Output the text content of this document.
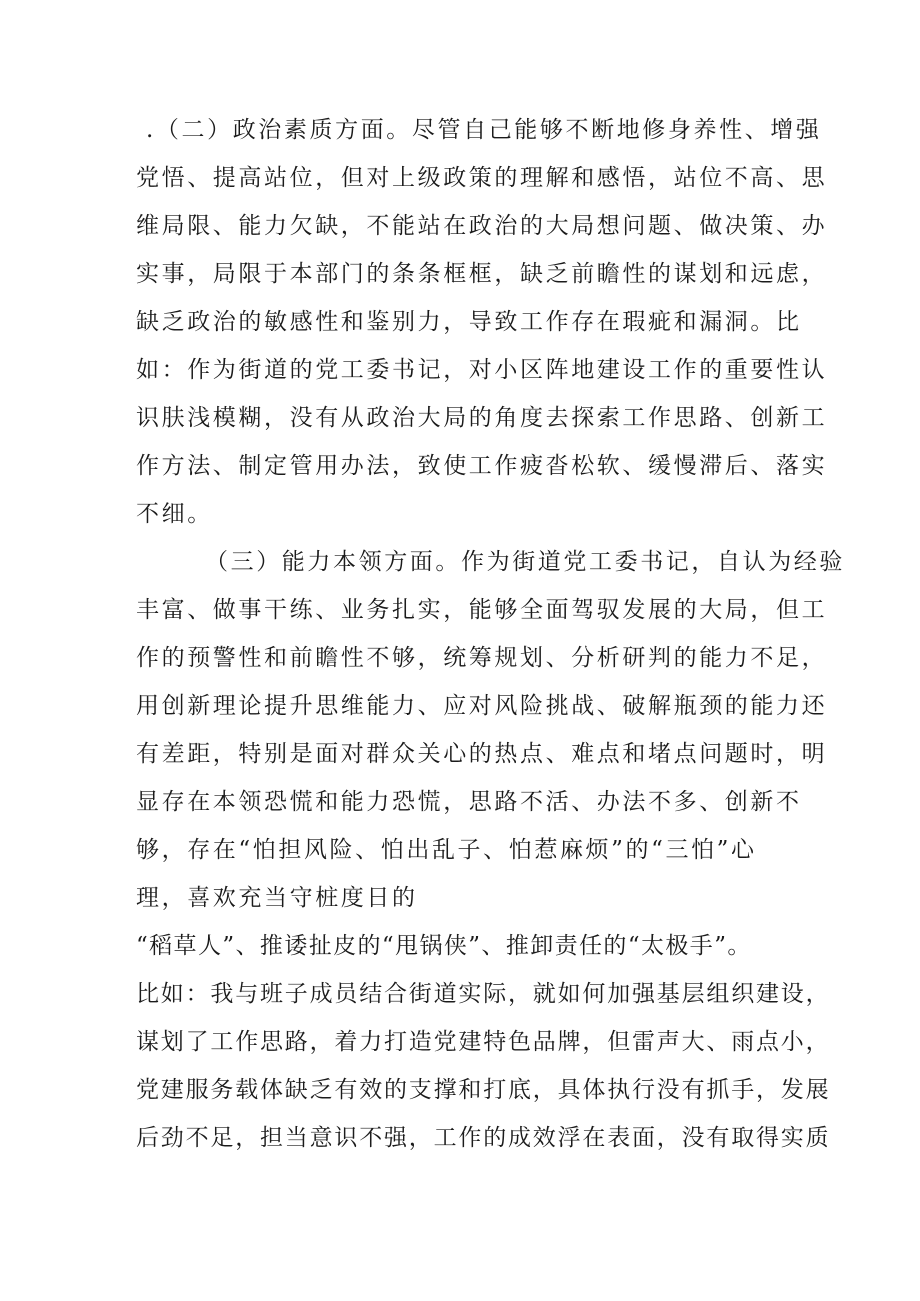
.（二）政治素质方面。尽管自己能够不断地修身养性、增强
党悟、提高站位，但对上级政策的理解和感悟，站位不高、思
维局限、能力欠缺，不能站在政治的大局想问题、做决策、办
实事，局限于本部门的条条框框，缺乏前瞻性的谋划和远虑，
缺乏政治的敏感性和鉴别力，导致工作存在瑕疵和漏洞。比
如：作为街道的党工委书记，对小区阵地建设工作的重要性认
识肤浅模糊，没有从政治大局的角度去探索工作思路、创新工
作方法、制定管用办法，致使工作疲沓松软、缓慢滞后、落实
不细。
（三）能力本领方面。作为街道党工委书记，自认为经验
丰富、做事干练、业务扎实，能够全面驾驭发展的大局，但工
作的预警性和前瞻性不够，统筹规划、分析研判的能力不足，
用创新理论提升思维能力、应对风险挑战、破解瓶颈的能力还
有差距，特别是面对群众关心的热点、难点和堵点问题时，明
显存在本领恐慌和能力恐慌，思路不活、办法不多、创新不
够，存在“怕担风险、怕出乱子、怕惹麻烦”的“三怕”心
理，喜欢充当守桩度日的
“稻草人”、推诿扯皮的“甩锅侠”、推卸责任的“太极手”。
比如：我与班子成员结合街道实际，就如何加强基层组织建设，
谋划了工作思路，着力打造党建特色品牌，但雷声大、雨点小，
党建服务载体缺乏有效的支撑和打底，具体执行没有抓手，发展
后劲不足，担当意识不强，工作的成效浮在表面，没有取得实质
